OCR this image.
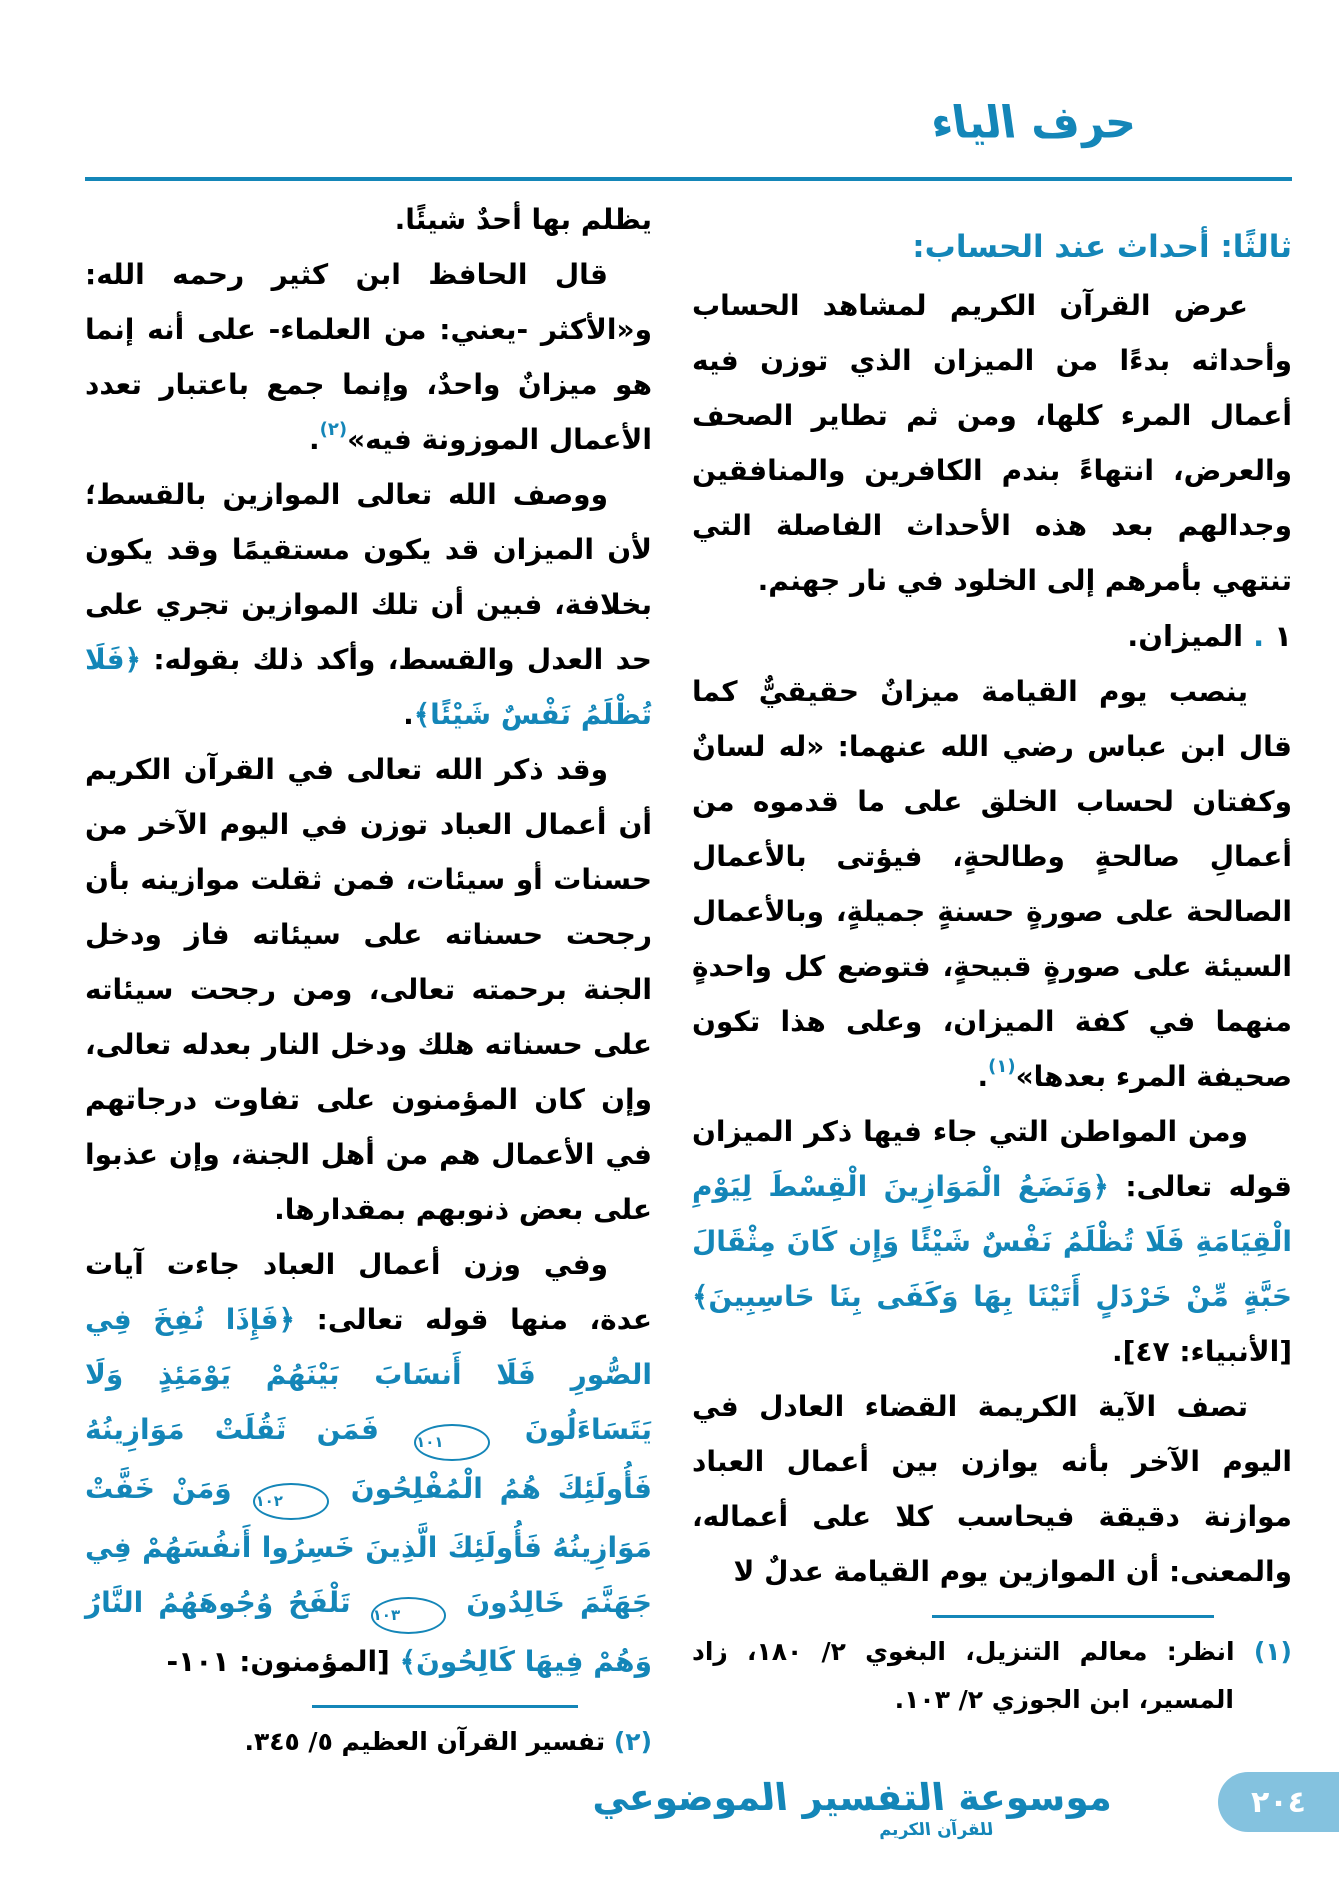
حرف الياء
ثالثًا: أحداث عند الحساب:

عرض القرآن الكريم لمشاهد الحساب وأحداثه بدءًا من الميزان الذي توزن فيه أعمال المرء كلها، ومن ثم تطاير الصحف والعرض، انتهاءً بندم الكافرين والمنافقين وجدالهم بعد هذه الأحداث الفاصلة التي تنتهي بأمرهم إلى الخلود في نار جهنم.

١ . الميزان.

ينصب يوم القيامة ميزانٌ حقيقيٌّ كما قال ابن عباس رضي الله عنهما: «له لسانٌ وكفتان لحساب الخلق على ما قدموه من أعمالِ صالحةٍ وطالحةٍ، فيؤتى بالأعمال الصالحة على صورةٍ حسنةٍ جميلةٍ، وبالأعمال السيئة على صورةٍ قبيحةٍ، فتوضع كل واحدةٍ منهما في كفة الميزان، وعلى هذا تكون صحيفة المرء بعدها»$^{(١)}$.

ومن المواطن التي جاء فيها ذكر الميزان قوله تعالى: ﴿وَنَضَعُ الْمَوَازِينَ الْقِسْطَ لِيَوْمِ الْقِيَامَةِ فَلَا تُظْلَمُ نَفْسٌ شَيْئًا وَإِن كَانَ مِثْقَالَ حَبَّةٍ مِّنْ خَرْدَلٍ أَتَيْنَا بِهَا وَكَفَى بِنَا حَاسِبِينَ﴾ [الأنبياء: ٤٧].

تصف الآية الكريمة القضاء العادل في اليوم الآخر بأنه يوازن بين أعمال العباد موازنة دقيقة فيحاسب كلا على أعماله، والمعنى: أن الموازين يوم القيامة عدلٌ لا

(١) انظر: معالم التنزيل، البغوي ٢/ ١٨٠، زاد المسير، ابن الجوزي ٢/ ١٠٣.

يظلم بها أحدٌ شيئًا.

قال الحافظ ابن كثير رحمه الله: و«الأكثر -يعني: من العلماء- على أنه إنما هو ميزانٌ واحدٌ، وإنما جمع باعتبار تعدد الأعمال الموزونة فيه»$^{(٢)}$.

ووصف الله تعالى الموازين بالقسط؛ لأن الميزان قد يكون مستقيمًا وقد يكون بخلافة، فبين أن تلك الموازين تجري على حد العدل والقسط، وأكد ذلك بقوله: ﴿فَلَا تُظْلَمُ نَفْسٌ شَيْئًا﴾.

وقد ذكر الله تعالى في القرآن الكريم أن أعمال العباد توزن في اليوم الآخر من حسنات أو سيئات، فمن ثقلت موازينه بأن رجحت حسناته على سيئاته فاز ودخل الجنة برحمته تعالى، ومن رجحت سيئاته على حسناته هلك ودخل النار بعدله تعالى، وإن كان المؤمنون على تفاوت درجاتهم في الأعمال هم من أهل الجنة، وإن عذبوا على بعض ذنوبهم بمقدارها.

وفي وزن أعمال العباد جاءت آيات عدة، منها قوله تعالى: ﴿فَإِذَا نُفِخَ فِي الصُّورِ فَلَا أَنسَابَ بَيْنَهُمْ يَوْمَئِذٍ وَلَا يَتَسَاءَلُونَ ١٠١ فَمَن ثَقُلَتْ مَوَازِينُهُ فَأُولَئِكَ هُمُ الْمُفْلِحُونَ ١٠٢ وَمَنْ خَفَّتْ مَوَازِينُهُ فَأُولَئِكَ الَّذِينَ خَسِرُوا أَنفُسَهُمْ فِي جَهَنَّمَ خَالِدُونَ ١٠٣ تَلْفَحُ وُجُوهَهُمُ النَّارُ وَهُمْ فِيهَا كَالِحُونَ﴾ [المؤمنون: ١٠١-

(٢) تفسير القرآن العظيم ٥/ ٣٤٥.

موسوعة التفسير الموضوعي
للقرآن الكريم
٢٠٤
